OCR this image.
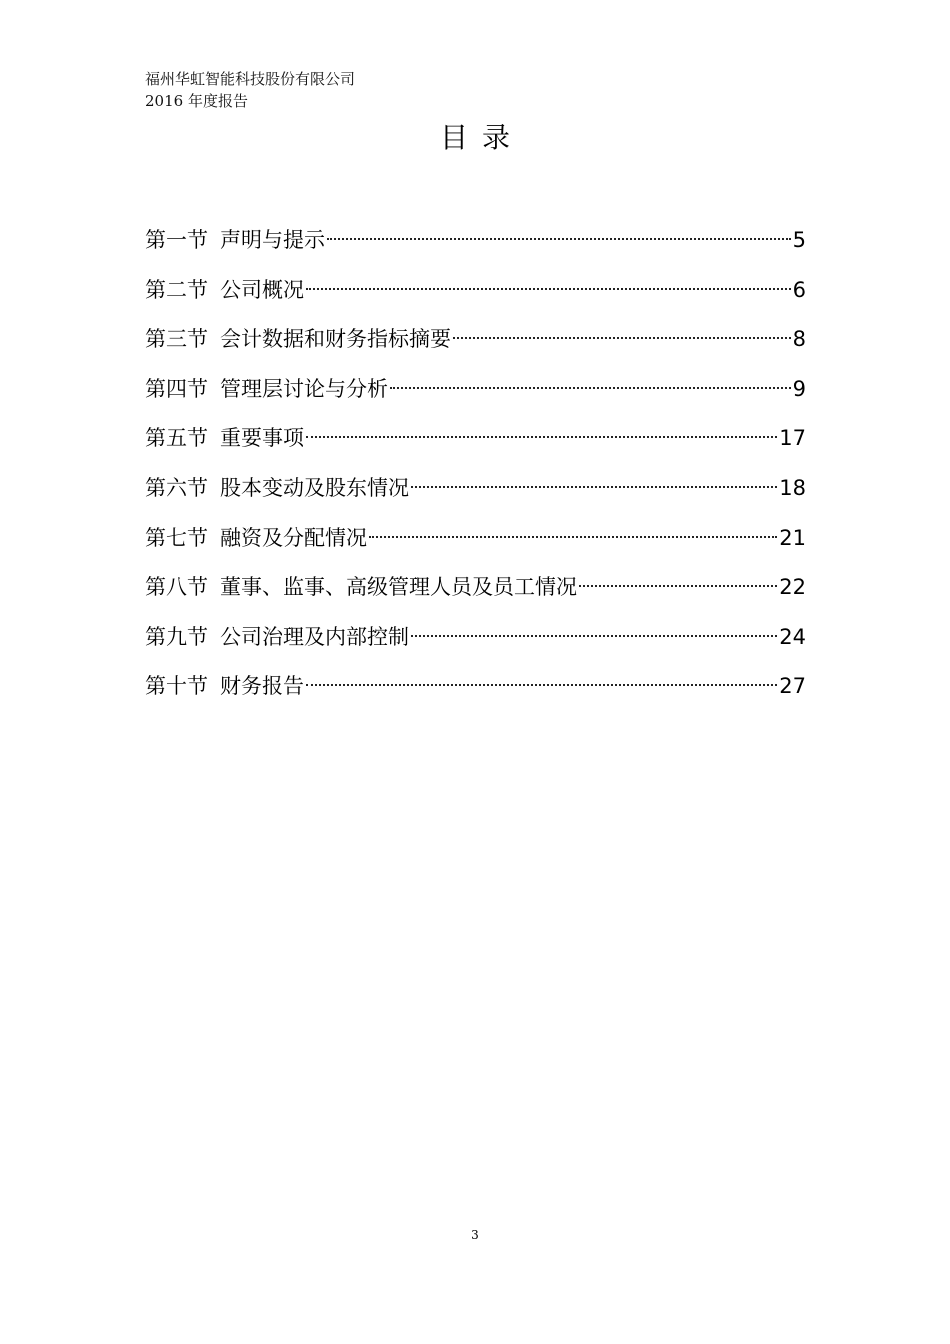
福州华虹智能科技股份有限公司
2016 年度报告
目录
第一节 声明与提示	5
第二节 公司概况	6
第三节 会计数据和财务指标摘要	8
第四节 管理层讨论与分析	9
第五节 重要事项	17
第六节 股本变动及股东情况	18
第七节 融资及分配情况	21
第八节 董事、监事、高级管理人员及员工情况	22
第九节 公司治理及内部控制	24
第十节 财务报告	27
3
